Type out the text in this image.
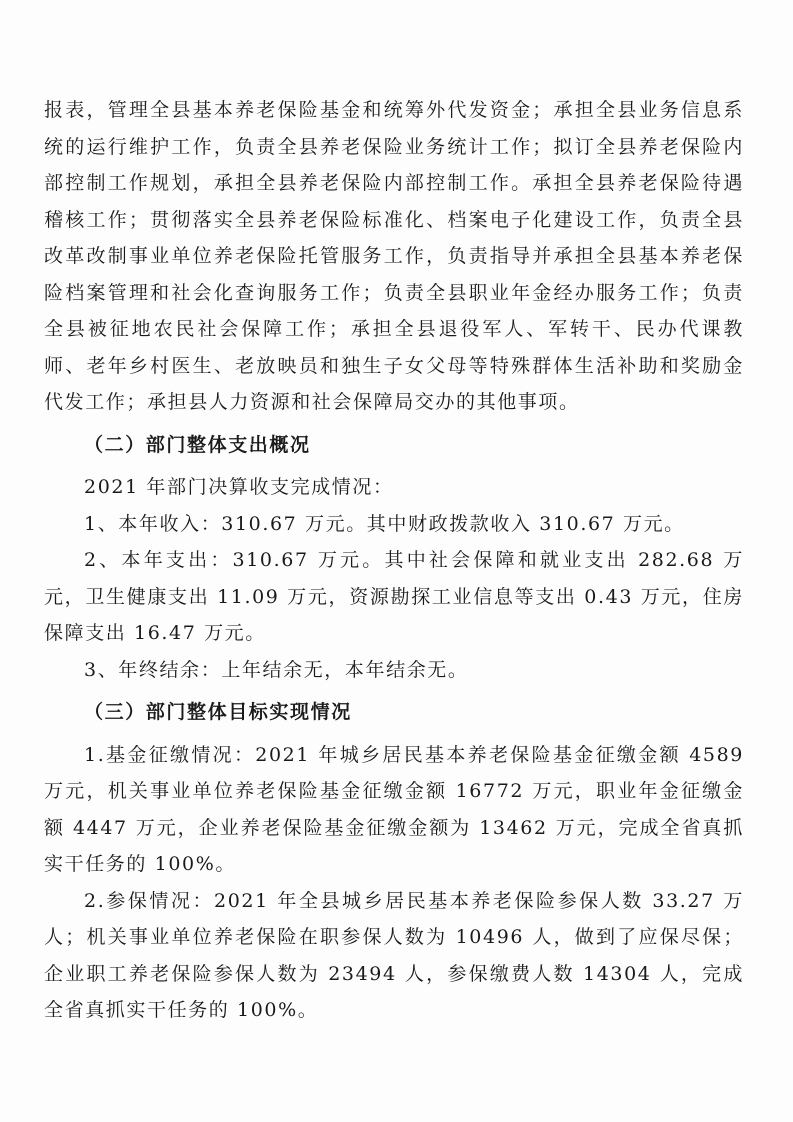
报表，管理全县基本养老保险基金和统筹外代发资金；承担全县业务信息系统的运行维护工作，负责全县养老保险业务统计工作；拟订全县养老保险内部控制工作规划，承担全县养老保险内部控制工作。承担全县养老保险待遇稽核工作；贯彻落实全县养老保险标准化、档案电子化建设工作，负责全县改革改制事业单位养老保险托管服务工作，负责指导并承担全县基本养老保险档案管理和社会化查询服务工作；负责全县职业年金经办服务工作；负责全县被征地农民社会保障工作；承担全县退役军人、军转干、民办代课教师、老年乡村医生、老放映员和独生子女父母等特殊群体生活补助和奖励金代发工作；承担县人力资源和社会保障局交办的其他事项。

（二）部门整体支出概况

2021 年部门决算收支完成情况：

1、本年收入：310.67 万元。其中财政拨款收入 310.67 万元。

2、本年支出：310.67 万元。其中社会保障和就业支出 282.68 万元，卫生健康支出 11.09 万元，资源勘探工业信息等支出 0.43 万元，住房保障支出 16.47 万元。

3、年终结余：上年结余无，本年结余无。

（三）部门整体目标实现情况

1.基金征缴情况：2021 年城乡居民基本养老保险基金征缴金额 4589 万元，机关事业单位养老保险基金征缴金额 16772 万元，职业年金征缴金额 4447 万元，企业养老保险基金征缴金额为 13462 万元，完成全省真抓实干任务的 100%。

2.参保情况：2021 年全县城乡居民基本养老保险参保人数 33.27 万人；机关事业单位养老保险在职参保人数为 10496 人，做到了应保尽保；企业职工养老保险参保人数为 23494 人，参保缴费人数 14304 人，完成全省真抓实干任务的 100%。
